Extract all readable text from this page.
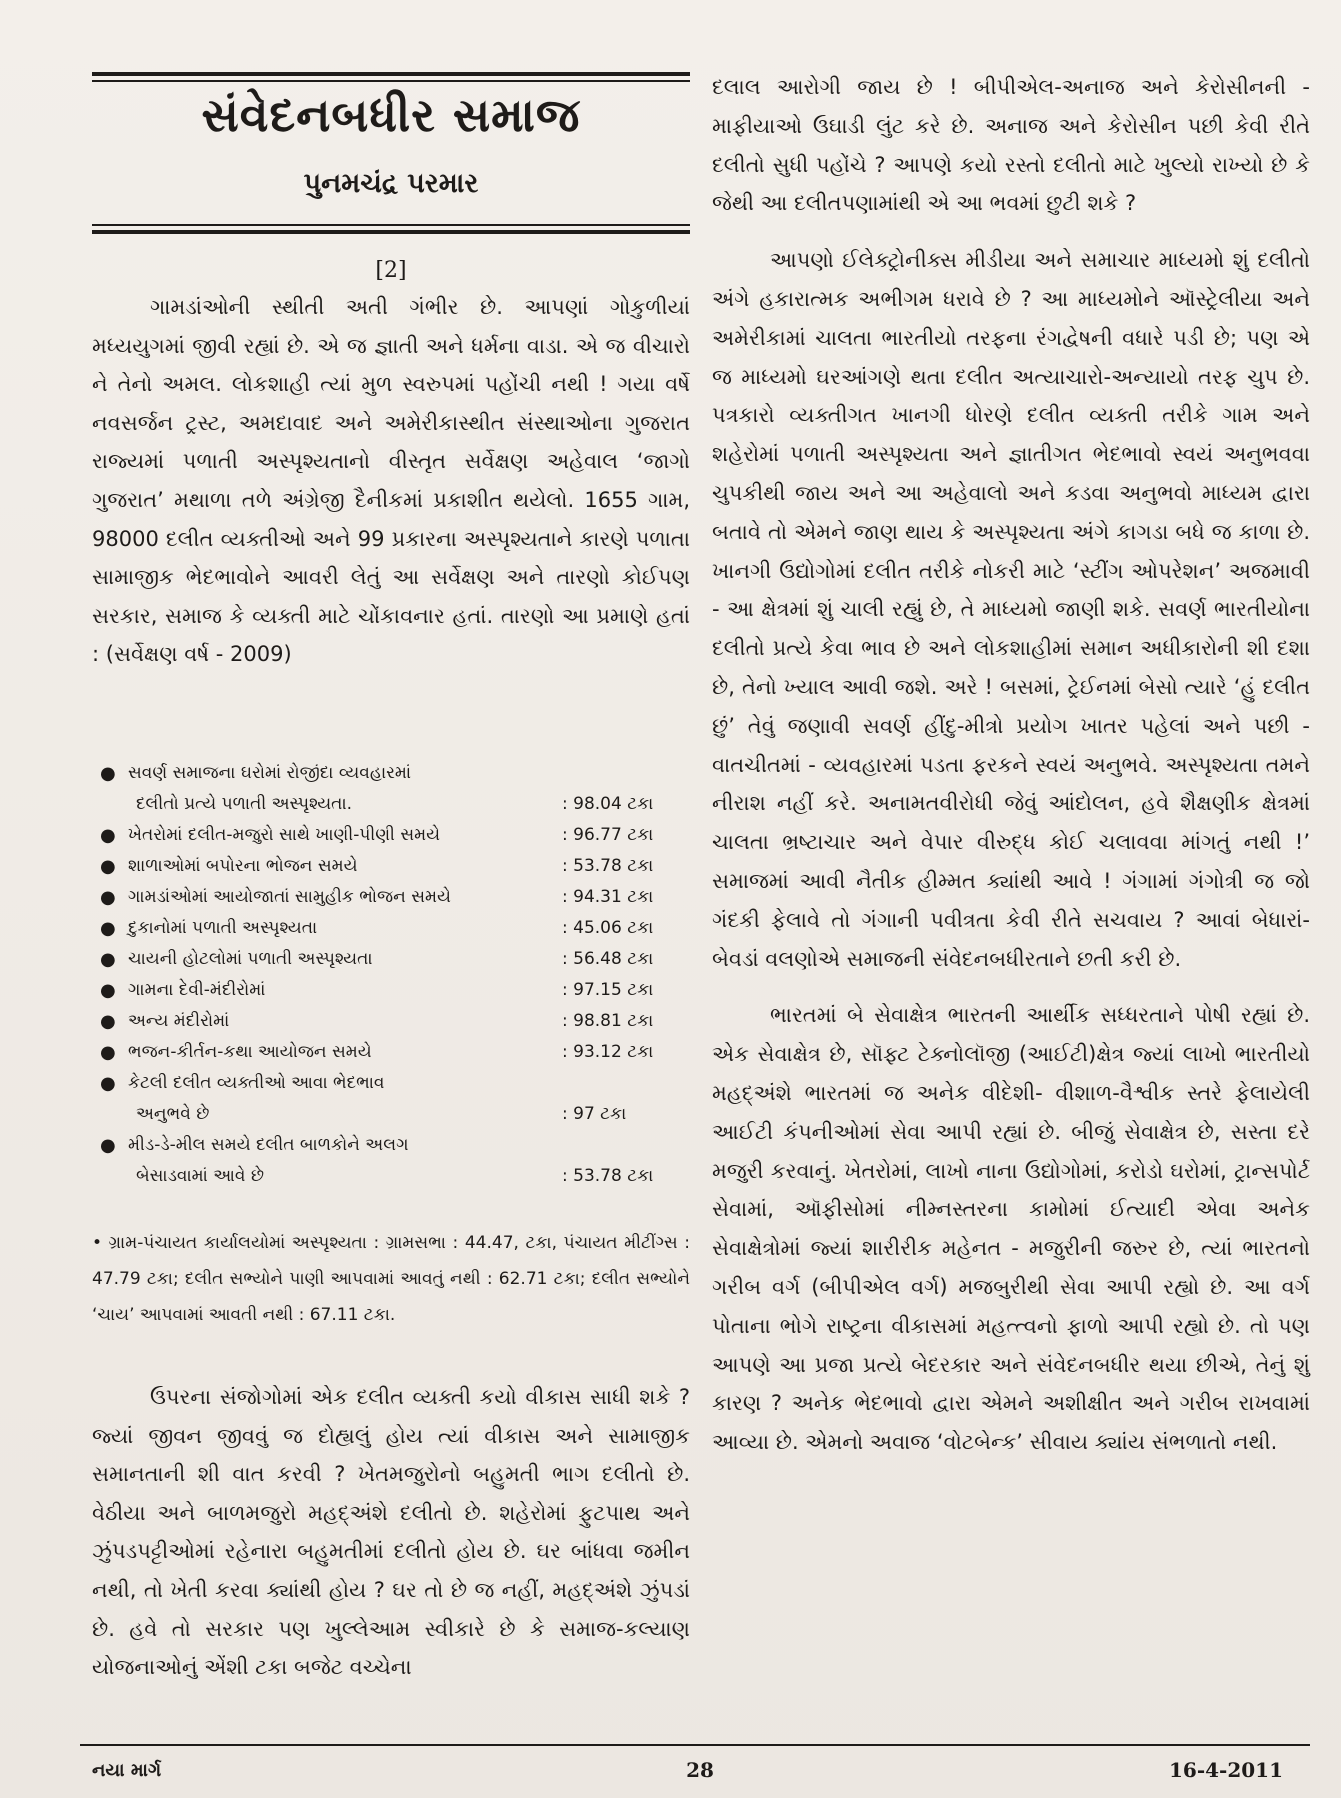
સંવેદનબધીર સમાજ
પુનમચંદ્ર પરમાર
[2]

ગામડાંઓની સ્થીતી અતી ગંભીર છે. આપણાં ગોકુળીયાં મધ્યયુગમાં જીવી રહ્યાં છે. એ જ જ્ઞાતી અને ધર્મના વાડા. એ જ વીચારો ને તેનો અમલ. લોકશાહી ત્યાં મુળ સ્વરુપમાં પહોંચી નથી ! ગયા વર્ષે નવસર્જન ટ્રસ્ટ, અમદાવાદ અને અમેરીકાસ્થીત સંસ્થાઓના ગુજરાત રાજ્યમાં પળાતી અસ્પૃશ્યતાનો વીસ્તૃત સર્વેક્ષણ અહેવાલ ‘જાગો ગુજરાત’ મથાળા તળે અંગ્રેજી દૈનીકમાં પ્રકાશીત થયેલો. 1655 ગામ, 98000 દલીત વ્યક્તીઓ અને 99 પ્રકારના અસ્પૃશ્યતાને કારણે પળાતા સામાજીક ભેદભાવોને આવરી લેતું આ સર્વેક્ષણ અને તારણો કોઈપણ સરકાર, સમાજ કે વ્યક્તી માટે ચોંકાવનાર હતાં. તારણો આ પ્રમાણે હતાં : (સર્વેક્ષણ વર્ષ - 2009)

● સવર્ણ સમાજના ઘરોમાં રોજીંદા વ્યવહારમાં
દલીતો પ્રત્યે પળાતી અસ્પૃશ્યતા.	: 98.04 ટકા
● ખેતરોમાં દલીત-મજુરો સાથે ખાણી-પીણી સમયે	: 96.77 ટકા
● શાળાઓમાં બપોરના ભોજન સમયે	: 53.78 ટકા
● ગામડાંઓમાં આયોજાતાં સામુહીક ભોજન સમયે	: 94.31 ટકા
● દુકાનોમાં પળાતી અસ્પૃશ્યતા	: 45.06 ટકા
● ચાયની હોટલોમાં પળાતી અસ્પૃશ્યતા	: 56.48 ટકા
● ગામના દેવી-મંદીરોમાં	: 97.15 ટકા
● અન્ય મંદીરોમાં	: 98.81 ટકા
● ભજન-કીર્તન-કથા આયોજન સમયે	: 93.12 ટકા
● કેટલી દલીત વ્યક્તીઓ આવા ભેદભાવ
અનુભવે છે	: 97 ટકા
● મીડ-ડે-મીલ સમયે દલીત બાળકોને અલગ
બેસાડવામાં આવે છે	: 53.78 ટકા
• ગ્રામ-પંચાયત કાર્યાલયોમાં અસ્પૃશ્યતા : ગ્રામસભા : 44.47, ટકા, પંચાયત મીટીંગ્સ : 47.79 ટકા; દલીત સભ્યોને પાણી આપવામાં આવતું નથી : 62.71 ટકા; દલીત સભ્યોને ‘ચાય’ આપવામાં આવતી નથી : 67.11 ટકા.

ઉપરના સંજોગોમાં એક દલીત વ્યક્તી કયો વીકાસ સાધી શકે ? જ્યાં જીવન જીવવું જ દોહ્યલું હોય ત્યાં વીકાસ અને સામાજીક સમાનતાની શી વાત કરવી ? ખેતમજુરોનો બહુમતી ભાગ દલીતો છે. વેઠીયા અને બાળમજુરો મહદ્અંશે દલીતો છે. શહેરોમાં ફુટપાથ અને ઝુંપડપટ્ટીઓમાં રહેનારા બહુમતીમાં દલીતો હોય છે. ઘર બાંધવા જમીન નથી, તો ખેતી કરવા ક્યાંથી હોય ? ઘર તો છે જ નહીં, મહદ્અંશે ઝુંપડાં છે. હવે તો સરકાર પણ ખુલ્લેઆમ સ્વીકારે છે કે સમાજ-કલ્યાણ યોજનાઓનું એંશી ટકા બજેટ વચ્ચેના

દલાલ આરોગી જાય છે ! બીપીએલ-અનાજ અને કેરોસીનની - માફીયાઓ ઉઘાડી લુંટ કરે છે. અનાજ અને કેરોસીન પછી કેવી રીતે દલીતો સુધી પહોંચે ? આપણે કયો રસ્તો દલીતો માટે ખુલ્યો રાખ્યો છે કે જેથી આ દલીતપણામાંથી એ આ ભવમાં છુટી શકે ?

આપણો ઈલેક્ટ્રોનીક્સ મીડીયા અને સમાચાર માધ્યમો શું દલીતો અંગે હકારાત્મક અભીગમ ધરાવે છે ? આ માધ્યમોને ઑસ્ટ્રેલીયા અને અમેરીકામાં ચાલતા ભારતીયો તરફના રંગદ્વેષની વધારે પડી છે; પણ એ જ માધ્યમો ઘરઆંગણે થતા દલીત અત્યાચારો-અન્યાયો તરફ ચુપ છે. પત્રકારો વ્યક્તીગત ખાનગી ધોરણે દલીત વ્યક્તી તરીકે ગામ અને શહેરોમાં પળાતી અસ્પૃશ્યતા અને જ્ઞાતીગત ભેદભાવો સ્વયં અનુભવવા ચુપકીથી જાય અને આ અહેવાલો અને કડવા અનુભવો માધ્યમ દ્વારા બતાવે તો એમને જાણ થાય કે અસ્પૃશ્યતા અંગે કાગડા બધે જ કાળા છે. ખાનગી ઉદ્યોગોમાં દલીત તરીકે નોકરી માટે ‘સ્ટીંગ ઓપરેશન’ અજમાવી - આ ક્ષેત્રમાં શું ચાલી રહ્યું છે, તે માધ્યમો જાણી શકે. સવર્ણ ભારતીયોના દલીતો પ્રત્યે કેવા ભાવ છે અને લોકશાહીમાં સમાન અધીકારોની શી દશા છે, તેનો ખ્યાલ આવી જશે. અરે ! બસમાં, ટ્રેઈનમાં બેસો ત્યારે ‘હું દલીત છું’ તેવું જણાવી સવર્ણ હીંદુ-મીત્રો પ્રયોગ ખાતર પહેલાં અને પછી - વાતચીતમાં - વ્યવહારમાં પડતા ફરકને સ્વયં અનુભવે. અસ્પૃશ્યતા તમને નીરાશ નહીં કરે. અનામતવીરોધી જેવું આંદોલન, હવે શૈક્ષણીક ક્ષેત્રમાં ચાલતા ભ્રષ્ટાચાર અને વેપાર વીરુદ્ધ કોઈ ચલાવવા માંગતું નથી !’ સમાજમાં આવી નૈતીક હીમ્મત ક્યાંથી આવે ! ગંગામાં ગંગોત્રી જ જો ગંદકી ફેલાવે તો ગંગાની પવીત્રતા કેવી રીતે સચવાય ? આવાં બેધારાં-બેવડાં વલણોએ સમાજની સંવેદનબધીરતાને છતી કરી છે.

ભારતમાં બે સેવાક્ષેત્ર ભારતની આર્થીક સધ્ધરતાને પોષી રહ્યાં છે. એક સેવાક્ષેત્ર છે, સૉફ્ટ ટેક્નોલૉજી (આઈટી)ક્ષેત્ર જ્યાં લાખો ભારતીયો મહદ્અંશે ભારતમાં જ અનેક વીદેશી- વીશાળ-વૈશ્વીક સ્તરે ફેલાયેલી આઈટી કંપનીઓમાં સેવા આપી રહ્યાં છે. બીજું સેવાક્ષેત્ર છે, સસ્તા દરે મજુરી કરવાનું. ખેતરોમાં, લાખો નાના ઉદ્યોગોમાં, કરોડો ઘરોમાં, ટ્રાન્સપોર્ટ સેવામાં, ઑફીસોમાં નીમ્નસ્તરના કામોમાં ઈત્યાદી એવા અનેક સેવાક્ષેત્રોમાં જ્યાં શારીરીક મહેનત - મજુરીની જરુર છે, ત્યાં ભારતનો ગરીબ વર્ગ (બીપીએલ વર્ગ) મજબુરીથી સેવા આપી રહ્યો છે. આ વર્ગ પોતાના ભોગે રાષ્ટ્રના વીકાસમાં મહત્ત્વનો ફાળો આપી રહ્યો છે. તો પણ આપણે આ પ્રજા પ્રત્યે બેદરકાર અને સંવેદનબધીર થયા છીએ, તેનું શું કારણ ? અનેક ભેદભાવો દ્વારા એમને અશીક્ષીત અને ગરીબ રાખવામાં આવ્યા છે. એમનો અવાજ ‘વોટબેન્ક’ સીવાય ક્યાંય સંભળાતો નથી.

નયા માર્ગ	28	16-4-2011
